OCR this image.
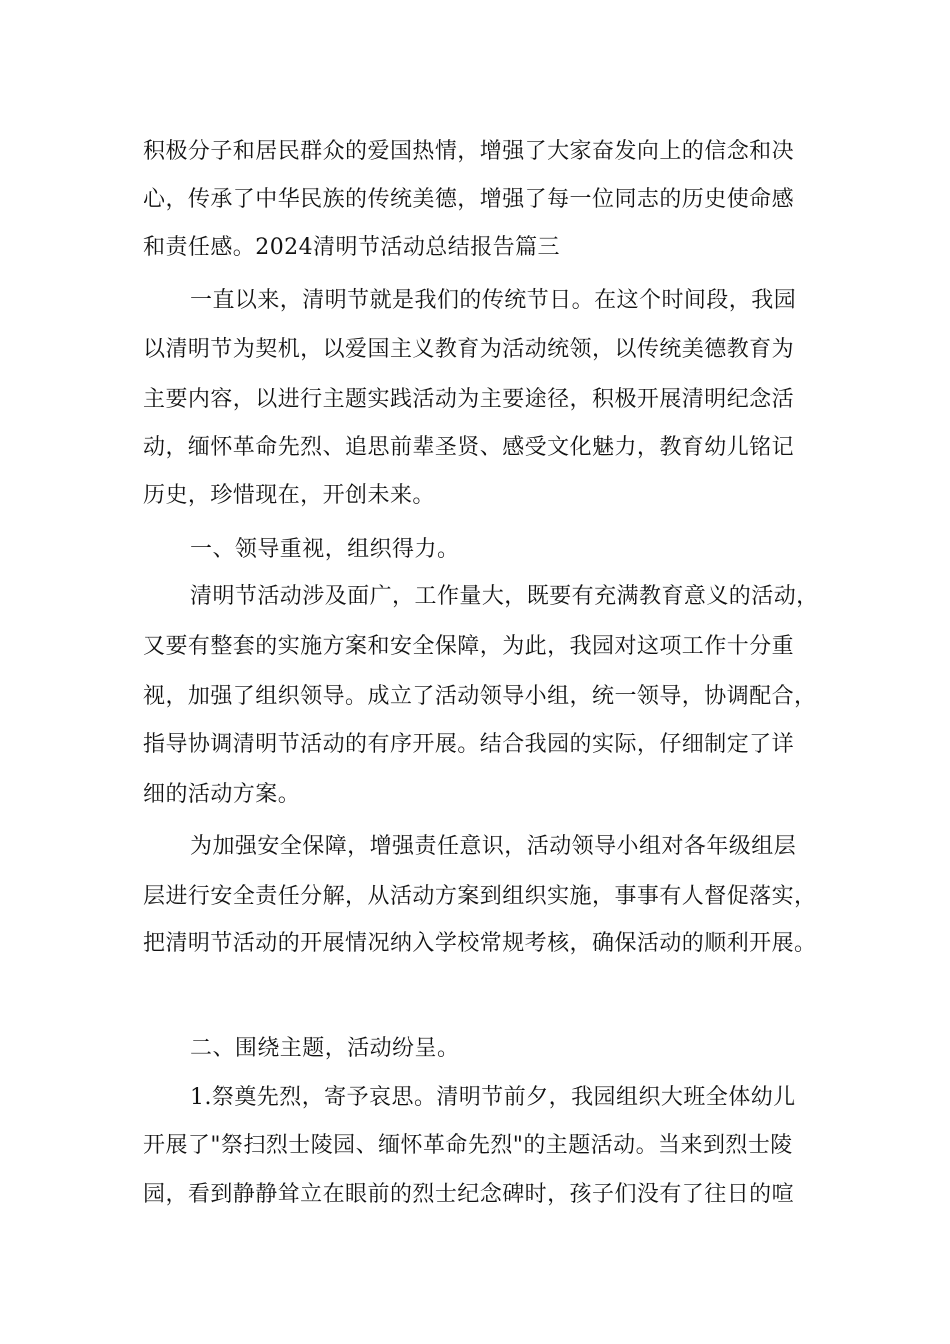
积极分子和居民群众的爱国热情，增强了大家奋发向上的信念和决
心，传承了中华民族的传统美德，增强了每一位同志的历史使命感
和责任感。2024清明节活动总结报告篇三
一直以来，清明节就是我们的传统节日。在这个时间段，我园
以清明节为契机，以爱国主义教育为活动统领，以传统美德教育为
主要内容，以进行主题实践活动为主要途径，积极开展清明纪念活
动，缅怀革命先烈、追思前辈圣贤、感受文化魅力，教育幼儿铭记
历史，珍惜现在，开创未来。
一、领导重视，组织得力。
清明节活动涉及面广，工作量大，既要有充满教育意义的活动，
又要有整套的实施方案和安全保障，为此，我园对这项工作十分重
视，加强了组织领导。成立了活动领导小组，统一领导，协调配合，
指导协调清明节活动的有序开展。结合我园的实际，仔细制定了详
细的活动方案。
为加强安全保障，增强责任意识，活动领导小组对各年级组层
层进行安全责任分解，从活动方案到组织实施，事事有人督促落实，
把清明节活动的开展情况纳入学校常规考核，确保活动的顺利开展。
二、围绕主题，活动纷呈。
1.祭奠先烈，寄予哀思。清明节前夕，我园组织大班全体幼儿
开展了"祭扫烈士陵园、缅怀革命先烈"的主题活动。当来到烈士陵
园，看到静静耸立在眼前的烈士纪念碑时，孩子们没有了往日的喧
